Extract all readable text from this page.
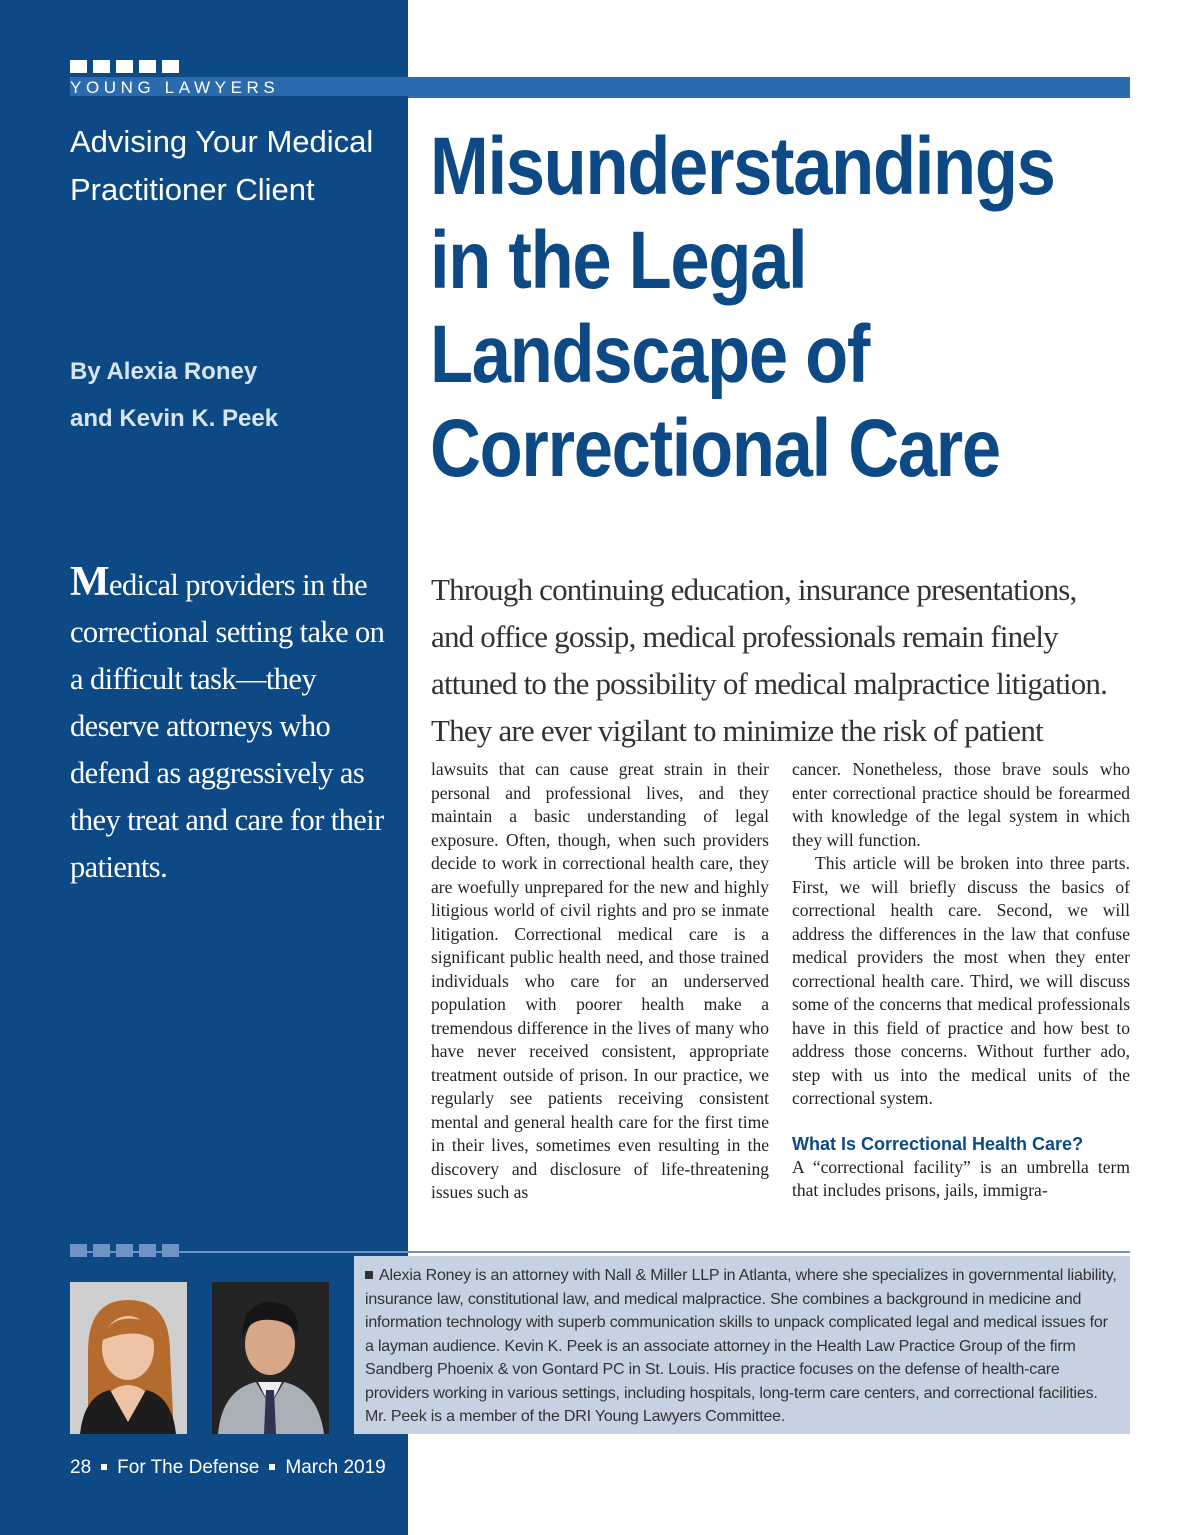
YOUNG LAWYERS
Advising Your Medical Practitioner Client
By Alexia Roney
and Kevin K. Peek
Medical providers in the correctional setting take on a difficult task—they deserve attorneys who defend as aggressively as they treat and care for their patients.
Misunderstandings in the Legal Landscape of Correctional Care
Through continuing education, insurance presentations,
and office gossip, medical professionals remain finely
attuned to the possibility of medical malpractice litigation.
They are ever vigilant to minimize the risk of patient

lawsuits that can cause great strain in their personal and professional lives, and they maintain a basic understanding of legal exposure. Often, though, when such providers decide to work in correctional health care, they are woefully unprepared for the new and highly litigious world of civil rights and pro se inmate litigation. Correctional medical care is a significant public health need, and those trained individuals who care for an underserved population with poorer health make a tremendous difference in the lives of many who have never received consistent, appropriate treatment outside of prison. In our practice, we regularly see patients receiving consistent mental and general health care for the first time in their lives, sometimes even resulting in the discovery and disclosure of life-threatening issues such as

cancer. Nonetheless, those brave souls who enter correctional practice should be forearmed with knowledge of the legal system in which they will function.

This article will be broken into three parts. First, we will briefly discuss the basics of correctional health care. Second, we will address the differences in the law that confuse medical providers the most when they enter correctional health care. Third, we will discuss some of the concerns that medical professionals have in this field of practice and how best to address those concerns. Without further ado, step with us into the medical units of the correctional system.

What Is Correctional Health Care?

A “correctional facility” is an umbrella term that includes prisons, jails, immigra-

Alexia Roney is an attorney with Nall & Miller LLP in Atlanta, where she specializes in governmental liability, insurance law, constitutional law, and medical malpractice. She combines a background in medicine and information technology with superb communication skills to unpack complicated legal and medical issues for a layman audience. Kevin K. Peek is an associate attorney in the Health Law Practice Group of the firm Sandberg Phoenix & von Gontard PC in St. Louis. His practice focuses on the defense of health-care providers working in various settings, including hospitals, long-term care centers, and correctional facilities. Mr. Peek is a member of the DRI Young Lawyers Committee.
28 For The Defense March 2019
